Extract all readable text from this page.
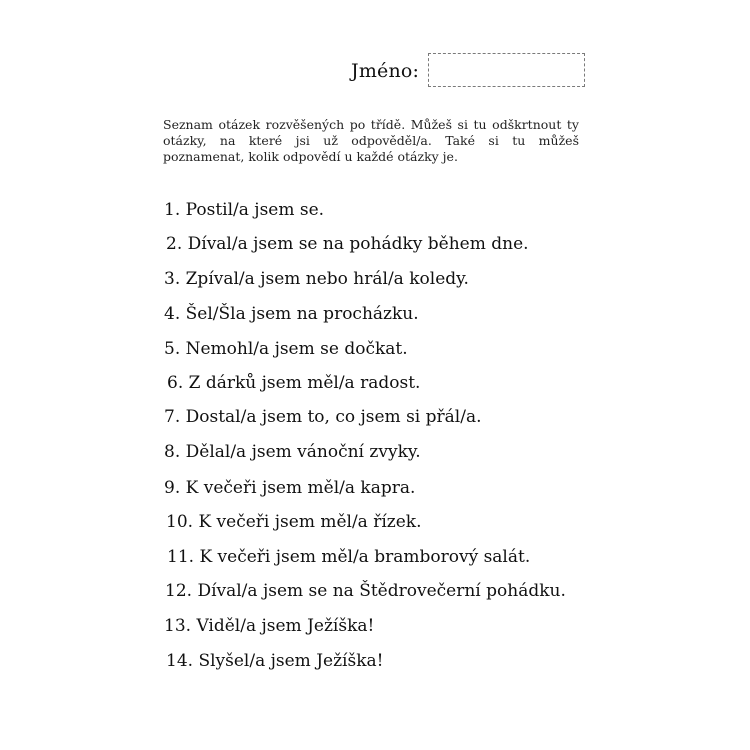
Jméno:

Seznam otázek rozvěšených po třídě. Můžeš si tu odškrtnout ty otázky, na které jsi už odpověděl/a. Také si tu můžeš poznamenat, kolik odpovědí u každé otázky je.

1. Postil/a jsem se.

2. Díval/a jsem se na pohádky během dne.

3. Zpíval/a jsem nebo hrál/a koledy.

4. Šel/Šla jsem na procházku.

5. Nemohl/a jsem se dočkat.

6. Z dárků jsem měl/a radost.

7. Dostal/a jsem to, co jsem si přál/a.

8. Dělal/a jsem vánoční zvyky.

9. K večeři jsem měl/a kapra.

10. K večeři jsem měl/a řízek.

11. K večeři jsem měl/a bramborový salát.

12. Díval/a jsem se na Štědrovečerní pohádku.

13. Viděl/a jsem Ježíška!

14. Slyšel/a jsem Ježíška!
